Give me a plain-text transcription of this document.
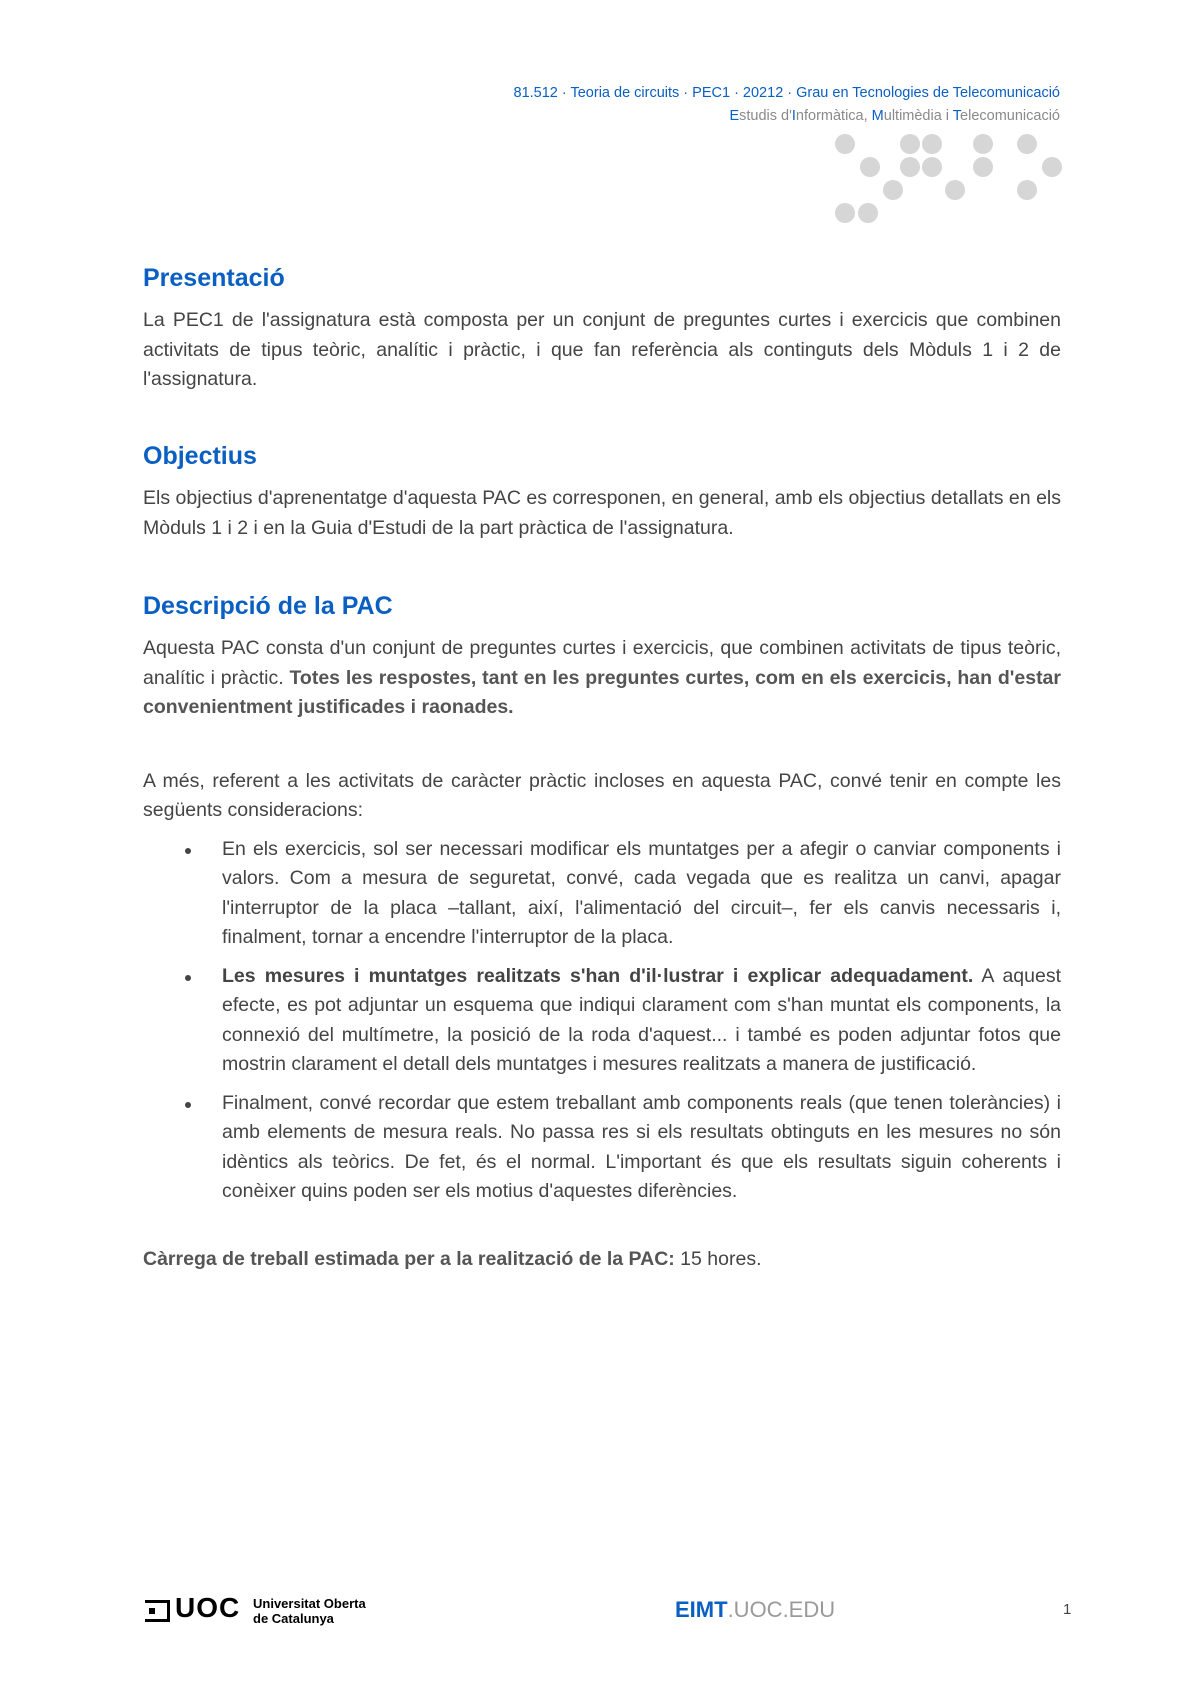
81.512 · Teoria de circuits · PEC1 · 20212 · Grau en Tecnologies de Telecomunicació
Estudis d'Informàtica, Multimèdia i Telecomunicació
Presentació

La PEC1 de l'assignatura està composta per un conjunt de preguntes curtes i exercicis que combinen activitats de tipus teòric, analític i pràctic, i que fan referència als continguts dels Mòduls 1 i 2 de l'assignatura.

Objectius

Els objectius d'aprenentatge d'aquesta PAC es corresponen, en general, amb els objectius detallats en els Mòduls 1 i 2 i en la Guia d'Estudi de la part pràctica de l'assignatura.

Descripció de la PAC

Aquesta PAC consta d'un conjunt de preguntes curtes i exercicis, que combinen activitats de tipus teòric, analític i pràctic. Totes les respostes, tant en les preguntes curtes, com en els exercicis, han d'estar convenientment justificades i raonades.

A més, referent a les activitats de caràcter pràctic incloses en aquesta PAC, convé tenir en compte les següents consideracions:

En els exercicis, sol ser necessari modificar els muntatges per a afegir o canviar components i valors. Com a mesura de seguretat, convé, cada vegada que es realitza un canvi, apagar l'interruptor de la placa –tallant, així, l'alimentació del circuit–, fer els canvis necessaris i, finalment, tornar a encendre l'interruptor de la placa.
Les mesures i muntatges realitzats s'han d'il·lustrar i explicar adequadament. A aquest efecte, es pot adjuntar un esquema que indiqui clarament com s'han muntat els components, la connexió del multímetre, la posició de la roda d'aquest... i també es poden adjuntar fotos que mostrin clarament el detall dels muntatges i mesures realitzats a manera de justificació.
Finalment, convé recordar que estem treballant amb components reals (que tenen toleràncies) i amb elements de mesura reals. No passa res si els resultats obtinguts en les mesures no són idèntics als teòrics. De fet, és el normal. L'important és que els resultats siguin coherents i conèixer quins poden ser els motius d'aquestes diferències.

Càrrega de treball estimada per a la realització de la PAC: 15 hores.

UOC Universitat Oberta
de Catalunya	EIMT.UOC.EDU	1
